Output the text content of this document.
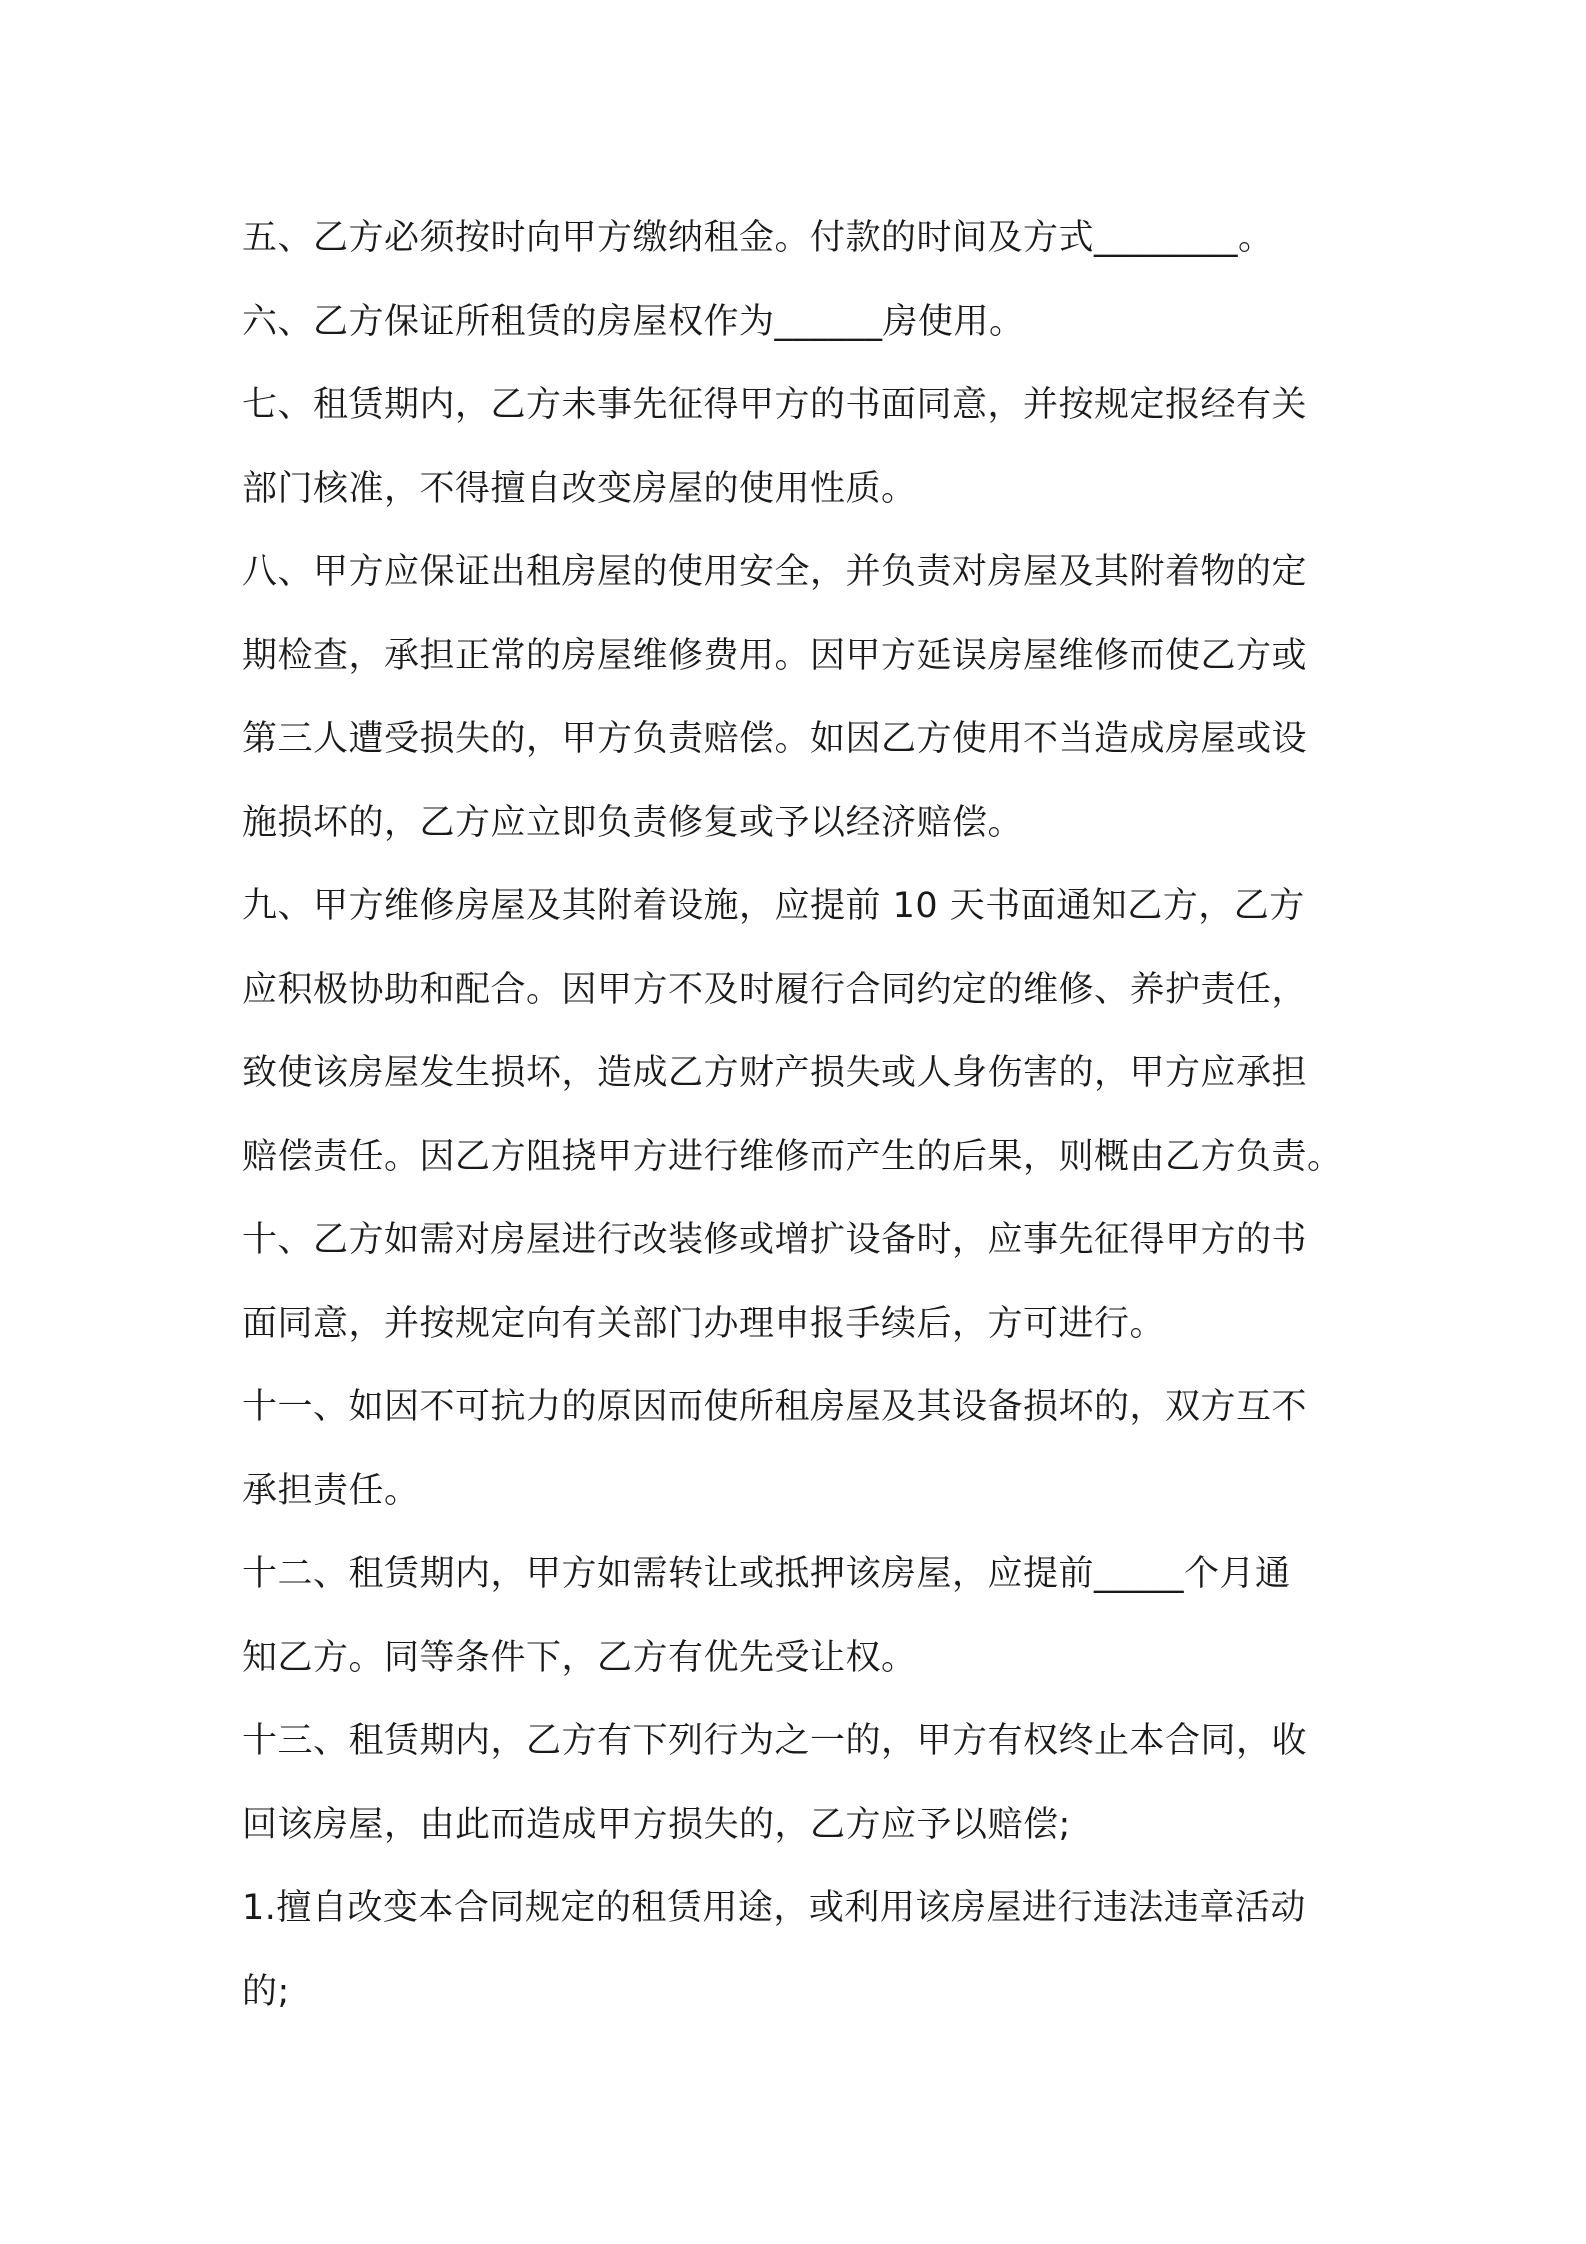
五、乙方必须按时向甲方缴纳租金。付款的时间及方式________。
六、乙方保证所租赁的房屋权作为______房使用。
七、租赁期内，乙方未事先征得甲方的书面同意，并按规定报经有关
部门核准，不得擅自改变房屋的使用性质。
八、甲方应保证出租房屋的使用安全，并负责对房屋及其附着物的定
期检查，承担正常的房屋维修费用。因甲方延误房屋维修而使乙方或
第三人遭受损失的，甲方负责赔偿。如因乙方使用不当造成房屋或设
施损坏的，乙方应立即负责修复或予以经济赔偿。
九、甲方维修房屋及其附着设施，应提前 10 天书面通知乙方，乙方
应积极协助和配合。因甲方不及时履行合同约定的维修、养护责任，
致使该房屋发生损坏，造成乙方财产损失或人身伤害的，甲方应承担
赔偿责任。因乙方阻挠甲方进行维修而产生的后果，则概由乙方负责。
十、乙方如需对房屋进行改装修或增扩设备时，应事先征得甲方的书
面同意，并按规定向有关部门办理申报手续后，方可进行。
十一、如因不可抗力的原因而使所租房屋及其设备损坏的，双方互不
承担责任。
十二、租赁期内，甲方如需转让或抵押该房屋，应提前_____个月通
知乙方。同等条件下，乙方有优先受让权。
十三、租赁期内，乙方有下列行为之一的，甲方有权终止本合同，收
回该房屋，由此而造成甲方损失的，乙方应予以赔偿;
1.擅自改变本合同规定的租赁用途，或利用该房屋进行违法违章活动
的;
